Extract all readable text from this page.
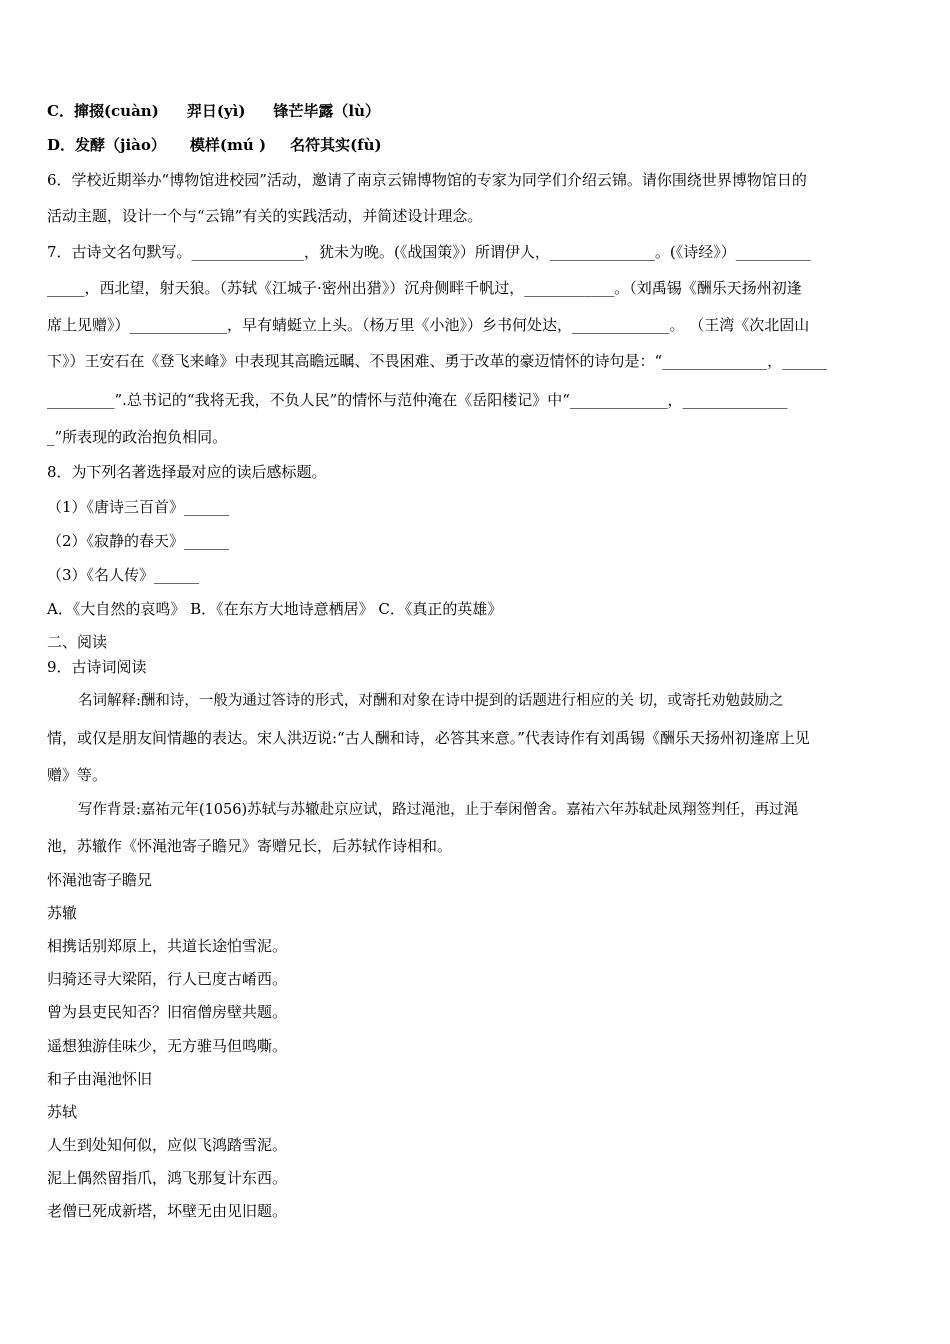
C．撺掇(cuàn) 羿日(yì) 锋芒毕露（lù）
D．发酵（jiào） 模样(mú ) 名符其实(fù)
6．学校近期举办“博物馆进校园”活动，邀请了南京云锦博物馆的专家为同学们介绍云锦。请你围绕世界博物馆日的
活动主题，设计一个与“云锦”有关的实践活动，并简述设计理念。
7．古诗文名句默写。_______________，犹未为晚。(《战国策》）所谓伊人，______________。(《诗经》）__________
_____，西北望，射天狼。（苏轼《江城子·密州出猎》）沉舟侧畔千帆过，____________。（刘禹锡《酬乐天扬州初逢
席上见赠》）_____________，早有蜻蜓立上头。（杨万里《小池》）乡书何处达，_____________。 （王湾《次北固山
下》）王安石在《登飞来峰》中表现其高瞻远瞩、不畏困难、勇于改革的豪迈情怀的诗句是：“______________，______
_________”.总书记的“我将无我，不负人民”的情怀与范仲淹在《岳阳楼记》中“_____________，______________
_”所表现的政治抱负相同。
8．为下列名著选择最对应的读后感标题。
（1）《唐诗三百首》______
（2）《寂静的春天》______
（3）《名人传》______
A．《大自然的哀鸣》 B．《在东方大地诗意栖居》 C．《真正的英雄》
二、阅读
9．古诗词阅读
名词解释:酬和诗，一般为通过答诗的形式，对酬和对象在诗中提到的话题进行相应的关 切，或寄托劝勉鼓励之
情，或仅是朋友间情趣的表达。宋人洪迈说:“古人酬和诗，必答其来意。”代表诗作有刘禹锡《酬乐天扬州初逢席上见
赠》等。
写作背景:嘉祐元年(1056)苏轼与苏辙赴京应试，路过渑池，止于奉闲僧舍。嘉祐六年苏轼赴凤翔签判任，再过渑
池，苏辙作《怀渑池寄子瞻兄》寄赠兄长，后苏轼作诗相和。
怀渑池寄子瞻兄
苏辙
相携话别郑原上，共道长途怕雪泥。
归骑还寻大梁陌，行人已度古崤西。
曾为县吏民知否？旧宿僧房壁共题。
遥想独游佳味少，无方骓马但鸣嘶。
和子由渑池怀旧
苏轼
人生到处知何似，应似飞鸿踏雪泥。
泥上偶然留指爪，鸿飞那复计东西。
老僧已死成新塔，坏壁无由见旧题。
